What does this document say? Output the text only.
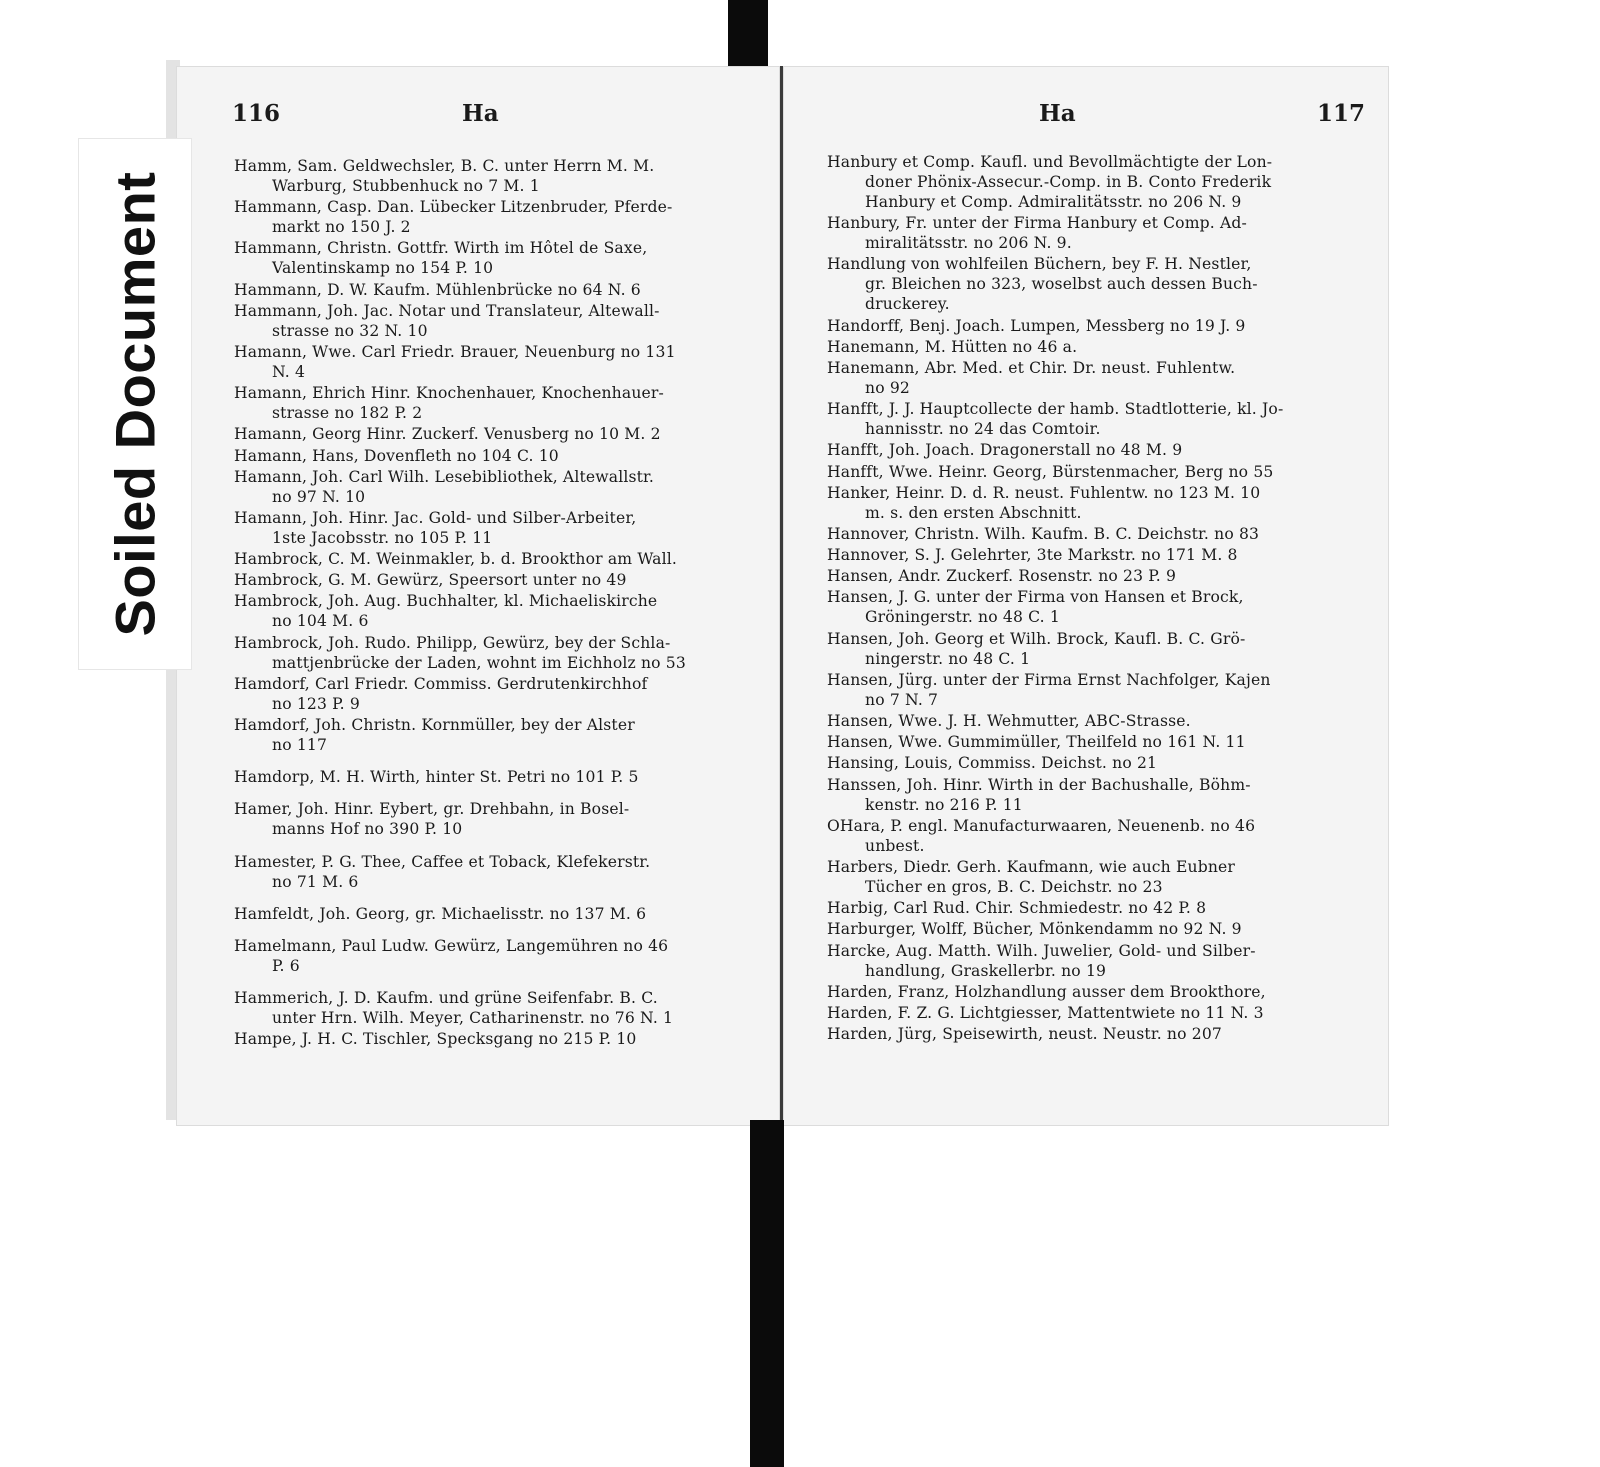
116	Ha
Hamm, Sam. Geldwechsler, B. C. unter Herrn M. M.
Warburg, Stubbenhuck no 7 M. 1
Hammann, Casp. Dan. Lübecker Litzenbruder, Pferde-
markt no 150 J. 2
Hammann, Christn. Gottfr. Wirth im Hôtel de Saxe,
Valentinskamp no 154 P. 10
Hammann, D. W. Kaufm. Mühlenbrücke no 64 N. 6
Hammann, Joh. Jac. Notar und Translateur, Altewall-
strasse no 32 N. 10
Hamann, Wwe. Carl Friedr. Brauer, Neuenburg no 131
N. 4
Hamann, Ehrich Hinr. Knochenhauer, Knochenhauer-
strasse no 182 P. 2
Hamann, Georg Hinr. Zuckerf. Venusberg no 10 M. 2
Hamann, Hans, Dovenfleth no 104 C. 10
Hamann, Joh. Carl Wilh. Lesebibliothek, Altewallstr.
no 97 N. 10
Hamann, Joh. Hinr. Jac. Gold- und Silber-Arbeiter,
1ste Jacobsstr. no 105 P. 11
Hambrock, C. M. Weinmakler, b. d. Brookthor am Wall.
Hambrock, G. M. Gewürz, Speersort unter no 49
Hambrock, Joh. Aug. Buchhalter, kl. Michaeliskirche
no 104 M. 6
Hambrock, Joh. Rudo. Philipp, Gewürz, bey der Schla-
mattjenbrücke der Laden, wohnt im Eichholz no 53
Hamdorf, Carl Friedr. Commiss. Gerdrutenkirchhof
no 123 P. 9
Hamdorf, Joh. Christn. Kornmüller, bey der Alster
no 117
Hamdorp, M. H. Wirth, hinter St. Petri no 101 P. 5
Hamer, Joh. Hinr. Eybert, gr. Drehbahn, in Bosel-
manns Hof no 390 P. 10
Hamester, P. G. Thee, Caffee et Toback, Klefekerstr.
no 71 M. 6
Hamfeldt, Joh. Georg, gr. Michaelisstr. no 137 M. 6
Hamelmann, Paul Ludw. Gewürz, Langemühren no 46
P. 6
Hammerich, J. D. Kaufm. und grüne Seifenfabr. B. C.
unter Hrn. Wilh. Meyer, Catharinenstr. no 76 N. 1
Hampe, J. H. C. Tischler, Specksgang no 215 P. 10
Ha	117
Hanbury et Comp. Kaufl. und Bevollmächtigte der Lon-
doner Phönix-Assecur.-Comp. in B. Conto Frederik
Hanbury et Comp. Admiralitätsstr. no 206 N. 9
Hanbury, Fr. unter der Firma Hanbury et Comp. Ad-
miralitätsstr. no 206 N. 9.
Handlung von wohlfeilen Büchern, bey F. H. Nestler,
gr. Bleichen no 323, woselbst auch dessen Buch-
druckerey.
Handorff, Benj. Joach. Lumpen, Messberg no 19 J. 9
Hanemann, M. Hütten no 46 a.
Hanemann, Abr. Med. et Chir. Dr. neust. Fuhlentw.
no 92
Hanfft, J. J. Hauptcollecte der hamb. Stadtlotterie, kl. Jo-
hannisstr. no 24 das Comtoir.
Hanfft, Joh. Joach. Dragonerstall no 48 M. 9
Hanfft, Wwe. Heinr. Georg, Bürstenmacher, Berg no 55
Hanker, Heinr. D. d. R. neust. Fuhlentw. no 123 M. 10
m. s. den ersten Abschnitt.
Hannover, Christn. Wilh. Kaufm. B. C. Deichstr. no 83
Hannover, S. J. Gelehrter, 3te Markstr. no 171 M. 8
Hansen, Andr. Zuckerf. Rosenstr. no 23 P. 9
Hansen, J. G. unter der Firma von Hansen et Brock,
Gröningerstr. no 48 C. 1
Hansen, Joh. Georg et Wilh. Brock, Kaufl. B. C. Grö-
ningerstr. no 48 C. 1
Hansen, Jürg. unter der Firma Ernst Nachfolger, Kajen
no 7 N. 7
Hansen, Wwe. J. H. Wehmutter, ABC-Strasse.
Hansen, Wwe. Gummimüller, Theilfeld no 161 N. 11
Hansing, Louis, Commiss. Deichst. no 21
Hanssen, Joh. Hinr. Wirth in der Bachushalle, Böhm-
kenstr. no 216 P. 11
OHara, P. engl. Manufacturwaaren, Neuenenb. no 46
unbest.
Harbers, Diedr. Gerh. Kaufmann, wie auch Eubner
Tücher en gros, B. C. Deichstr. no 23
Harbig, Carl Rud. Chir. Schmiedestr. no 42 P. 8
Harburger, Wolff, Bücher, Mönkendamm no 92 N. 9
Harcke, Aug. Matth. Wilh. Juwelier, Gold- und Silber-
handlung, Graskellerbr. no 19
Harden, Franz, Holzhandlung ausser dem Brookthore,
Harden, F. Z. G. Lichtgiesser, Mattentwiete no 11 N. 3
Harden, Jürg, Speisewirth, neust. Neustr. no 207
Soiled Document
